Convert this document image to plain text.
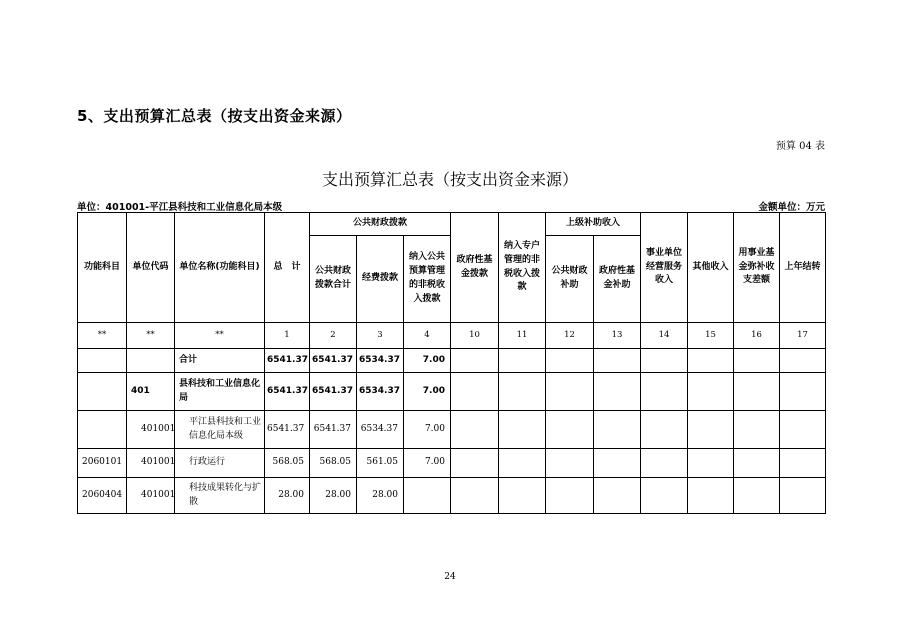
5、支出预算汇总表（按支出资金来源）
预算 04 表
支出预算汇总表（按支出资金来源）
单位：401001-平江县科技和工业信息化局本级	金额单位：万元
功能科目	单位代码	单位名称(功能科目)	总　计	公共财政拨款			政府性基金拨款	纳入专户管理的非税收入拨款	上级补助收入		事业单位经营服务收入	其他收入	用事业基金弥补收支差额	上年结转
				公共财政拨款合计	经费拨款	纳入公共预算管理的非税收入拨款			公共财政补助	政府性基金补助				
**	**	**	1	2	3	4	10	11	12	13	14	15	16	17
		合计	6541.37	6541.37	6534.37	7.00								
	401	县科技和工业信息化局	6541.37	6541.37	6534.37	7.00								
	401001	平江县科技和工业信息化局本级	6541.37	6541.37	6534.37	7.00								
2060101	401001	行政运行	568.05	568.05	561.05	7.00								
2060404	401001	科技成果转化与扩散	28.00	28.00	28.00									
24
